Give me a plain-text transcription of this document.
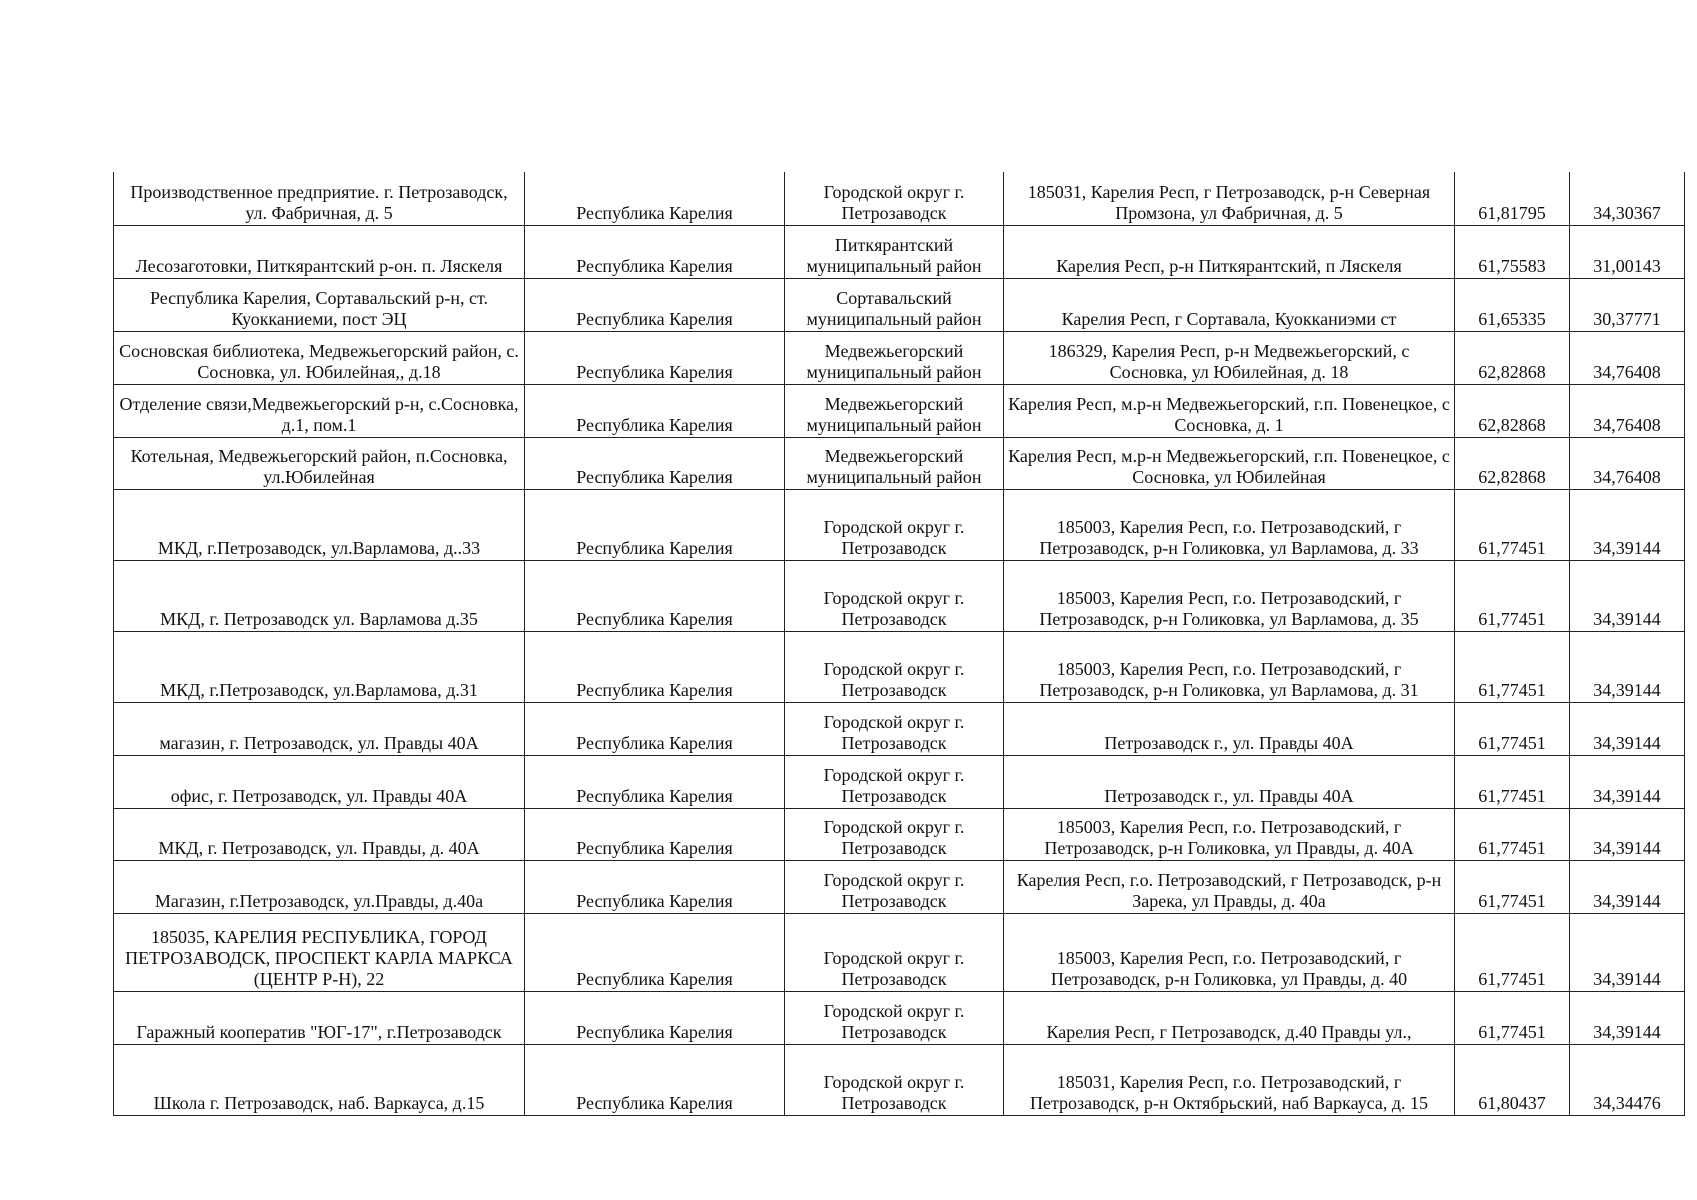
Производственное предприятие. г. Петрозаводск, ул. Фабричная, д. 5	Республика Карелия	Городской округ г. Петрозаводск	185031, Карелия Респ, г Петрозаводск, р-н Северная Промзона, ул Фабричная, д. 5	61,81795	34,30367
Лесозаготовки, Питкярантский р-он. п. Ляскеля	Республика Карелия	Питкярантский муниципальный район	Карелия Респ, р-н Питкярантский, п Ляскеля	61,75583	31,00143
Республика Карелия, Сортавальский р-н, ст. Куокканиеми, пост ЭЦ	Республика Карелия	Сортавальский муниципальный район	Карелия Респ, г Сортавала, Куокканиэми ст	61,65335	30,37771
Сосновская библиотека, Медвежьегорский район, с. Сосновка, ул. Юбилейная,, д.18	Республика Карелия	Медвежьегорский муниципальный район	186329, Карелия Респ, р-н Медвежьегорский, с Сосновка, ул Юбилейная, д. 18	62,82868	34,76408
Отделение связи,Медвежьегорский р-н, с.Сосновка, д.1, пом.1	Республика Карелия	Медвежьегорский муниципальный район	Карелия Респ, м.р-н Медвежьегорский, г.п. Повенецкое, с Сосновка, д. 1	62,82868	34,76408
Котельная, Медвежьегорский район, п.Сосновка, ул.Юбилейная	Республика Карелия	Медвежьегорский муниципальный район	Карелия Респ, м.р-н Медвежьегорский, г.п. Повенецкое, с Сосновка, ул Юбилейная	62,82868	34,76408
МКД, г.Петрозаводск, ул.Варламова, д..33	Республика Карелия	Городской округ г. Петрозаводск	185003, Карелия Респ, г.о. Петрозаводский, г Петрозаводск, р-н Голиковка, ул Варламова, д. 33	61,77451	34,39144
МКД, г. Петрозаводск ул. Варламова д.35	Республика Карелия	Городской округ г. Петрозаводск	185003, Карелия Респ, г.о. Петрозаводский, г Петрозаводск, р-н Голиковка, ул Варламова, д. 35	61,77451	34,39144
МКД, г.Петрозаводск, ул.Варламова, д.31	Республика Карелия	Городской округ г. Петрозаводск	185003, Карелия Респ, г.о. Петрозаводский, г Петрозаводск, р-н Голиковка, ул Варламова, д. 31	61,77451	34,39144
магазин, г. Петрозаводск, ул. Правды 40А	Республика Карелия	Городской округ г. Петрозаводск	Петрозаводск г., ул. Правды 40А	61,77451	34,39144
офис, г. Петрозаводск, ул. Правды 40А	Республика Карелия	Городской округ г. Петрозаводск	Петрозаводск г., ул. Правды 40А	61,77451	34,39144
МКД, г. Петрозаводск, ул. Правды, д. 40А	Республика Карелия	Городской округ г. Петрозаводск	185003, Карелия Респ, г.о. Петрозаводский, г Петрозаводск, р-н Голиковка, ул Правды, д. 40А	61,77451	34,39144
Магазин, г.Петрозаводск, ул.Правды, д.40а	Республика Карелия	Городской округ г. Петрозаводск	Карелия Респ, г.о. Петрозаводский, г Петрозаводск, р-н Зарека, ул Правды, д. 40а	61,77451	34,39144
185035, КАРЕЛИЯ РЕСПУБЛИКА, ГОРОД ПЕТРОЗАВОДСК, ПРОСПЕКТ КАРЛА МАРКСА (ЦЕНТР Р-Н), 22	Республика Карелия	Городской округ г. Петрозаводск	185003, Карелия Респ, г.о. Петрозаводский, г Петрозаводск, р-н Голиковка, ул Правды, д. 40	61,77451	34,39144
Гаражный кооператив "ЮГ-17", г.Петрозаводск	Республика Карелия	Городской округ г. Петрозаводск	Карелия Респ, г Петрозаводск, д.40 Правды ул.,	61,77451	34,39144
Школа г. Петрозаводск, наб. Варкауса, д.15	Республика Карелия	Городской округ г. Петрозаводск	185031, Карелия Респ, г.о. Петрозаводский, г Петрозаводск, р-н Октябрьский, наб Варкауса, д. 15	61,80437	34,34476
